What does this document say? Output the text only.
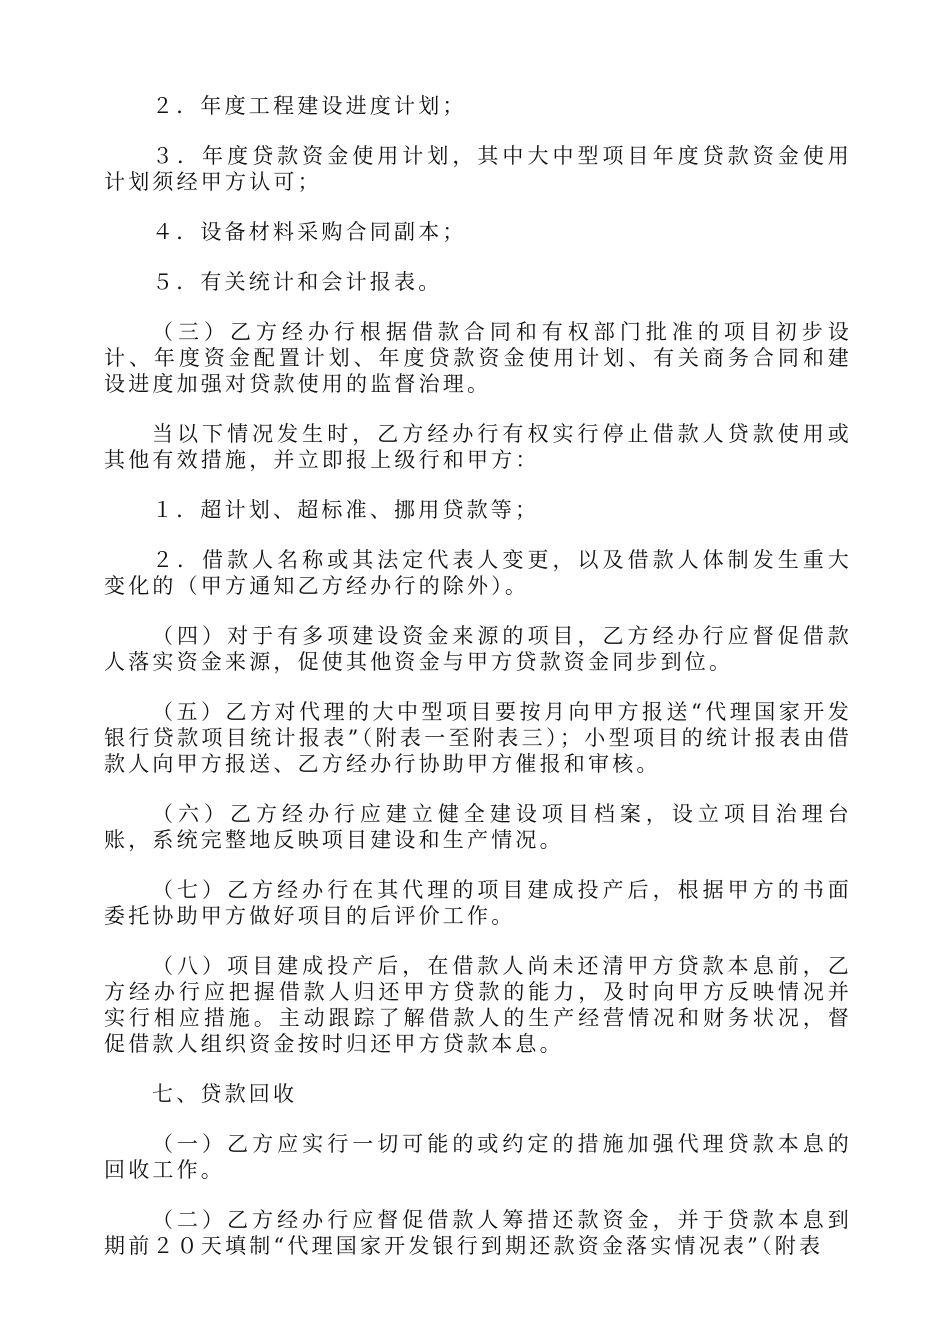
２．年度工程建设进度计划；

３．年度贷款资金使用计划，其中大中型项目年度贷款资金使用计划须经甲方认可；

４．设备材料采购合同副本；

５．有关统计和会计报表。

（三）乙方经办行根据借款合同和有权部门批准的项目初步设计、年度资金配置计划、年度贷款资金使用计划、有关商务合同和建设进度加强对贷款使用的监督治理。

当以下情况发生时，乙方经办行有权实行停止借款人贷款使用或其他有效措施，并立即报上级行和甲方：

１．超计划、超标准、挪用贷款等；

２．借款人名称或其法定代表人变更，以及借款人体制发生重大变化的（甲方通知乙方经办行的除外）。

（四）对于有多项建设资金来源的项目，乙方经办行应督促借款人落实资金来源，促使其他资金与甲方贷款资金同步到位。

（五）乙方对代理的大中型项目要按月向甲方报送“代理国家开发银行贷款项目统计报表”（附表一至附表三）；小型项目的统计报表由借款人向甲方报送、乙方经办行协助甲方催报和审核。

（六）乙方经办行应建立健全建设项目档案，设立项目治理台账，系统完整地反映项目建设和生产情况。

（七）乙方经办行在其代理的项目建成投产后，根据甲方的书面委托协助甲方做好项目的后评价工作。

（八）项目建成投产后，在借款人尚未还清甲方贷款本息前，乙方经办行应把握借款人归还甲方贷款的能力，及时向甲方反映情况并实行相应措施。主动跟踪了解借款人的生产经营情况和财务状况，督促借款人组织资金按时归还甲方贷款本息。

七、贷款回收

（一）乙方应实行一切可能的或约定的措施加强代理贷款本息的回收工作。

（二）乙方经办行应督促借款人筹措还款资金，并于贷款本息到期前２０天填制“代理国家开发银行到期还款资金落实情况表”（附表
